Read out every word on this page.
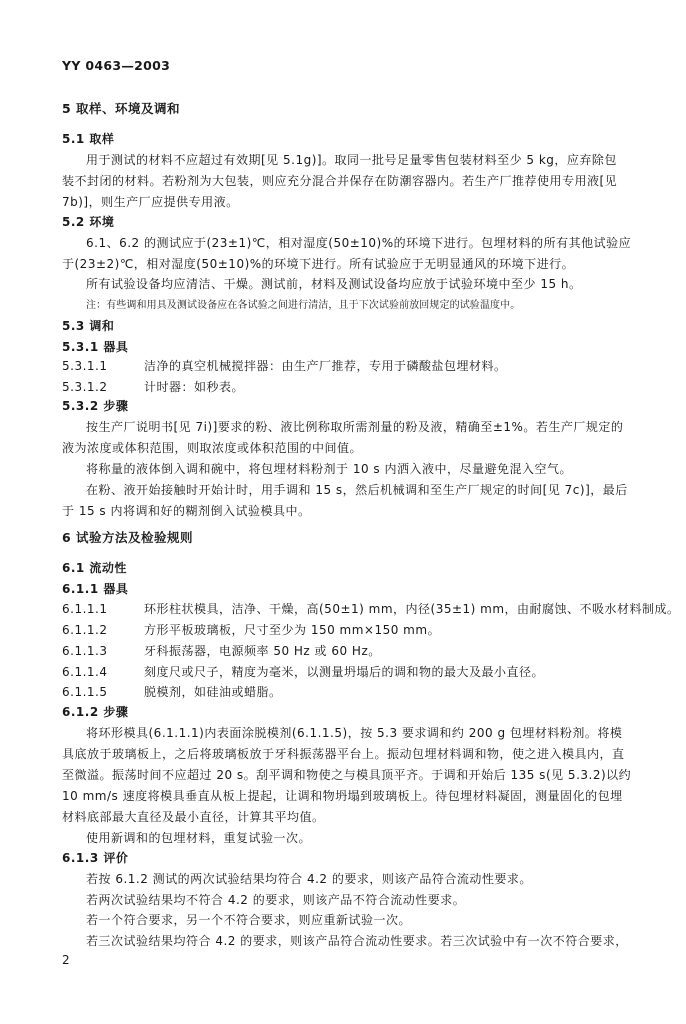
YY 0463—2003
5 取样、环境及调和
5.1 取样
用于测试的材料不应超过有效期[见 5.1g)]。取同一批号足量零售包装材料至少 5 kg，应弃除包
装不封闭的材料。若粉剂为大包装，则应充分混合并保存在防潮容器内。若生产厂推荐使用专用液[见
7b)]，则生产厂应提供专用液。
5.2 环境
6.1、6.2 的测试应于(23±1)℃，相对湿度(50±10)%的环境下进行。包埋材料的所有其他试验应
于(23±2)℃，相对湿度(50±10)%的环境下进行。所有试验应于无明显通风的环境下进行。
所有试验设备均应清洁、干燥。测试前，材料及测试设备均应放于试验环境中至少 15 h。
注：有些调和用具及测试设备应在各试验之间进行清洁，且于下次试验前放回规定的试验温度中。
5.3 调和
5.3.1 器具
5.3.1.1	洁净的真空机械搅拌器：由生产厂推荐，专用于磷酸盐包埋材料。
5.3.1.2	计时器：如秒表。
5.3.2 步骤
按生产厂说明书[见 7i)]要求的粉、液比例称取所需剂量的粉及液，精确至±1%。若生产厂规定的
液为浓度或体积范围，则取浓度或体积范围的中间值。
将称量的液体倒入调和碗中，将包埋材料粉剂于 10 s 内洒入液中，尽量避免混入空气。
在粉、液开始接触时开始计时，用手调和 15 s，然后机械调和至生产厂规定的时间[见 7c)]，最后
于 15 s 内将调和好的糊剂倒入试验模具中。
6 试验方法及检验规则
6.1 流动性
6.1.1 器具
6.1.1.1	环形柱状模具，洁净、干燥，高(50±1) mm，内径(35±1) mm，由耐腐蚀、不吸水材料制成。
6.1.1.2	方形平板玻璃板，尺寸至少为 150 mm×150 mm。
6.1.1.3	牙科振荡器，电源频率 50 Hz 或 60 Hz。
6.1.1.4	刻度尺或尺子，精度为毫米，以测量坍塌后的调和物的最大及最小直径。
6.1.1.5	脱模剂，如硅油或蜡脂。
6.1.2 步骤
将环形模具(6.1.1.1)内表面涂脱模剂(6.1.1.5)，按 5.3 要求调和约 200 g 包埋材料粉剂。将模
具底放于玻璃板上，之后将玻璃板放于牙科振荡器平台上。振动包埋材料调和物，使之进入模具内，直
至微溢。振荡时间不应超过 20 s。刮平调和物使之与模具顶平齐。于调和开始后 135 s(见 5.3.2)以约
10 mm/s 速度将模具垂直从板上提起，让调和物坍塌到玻璃板上。待包埋材料凝固，测量固化的包埋
材料底部最大直径及最小直径，计算其平均值。
使用新调和的包埋材料，重复试验一次。
6.1.3 评价
若按 6.1.2 测试的两次试验结果均符合 4.2 的要求，则该产品符合流动性要求。
若两次试验结果均不符合 4.2 的要求，则该产品不符合流动性要求。
若一个符合要求，另一个不符合要求，则应重新试验一次。
若三次试验结果均符合 4.2 的要求，则该产品符合流动性要求。若三次试验中有一次不符合要求，
2
